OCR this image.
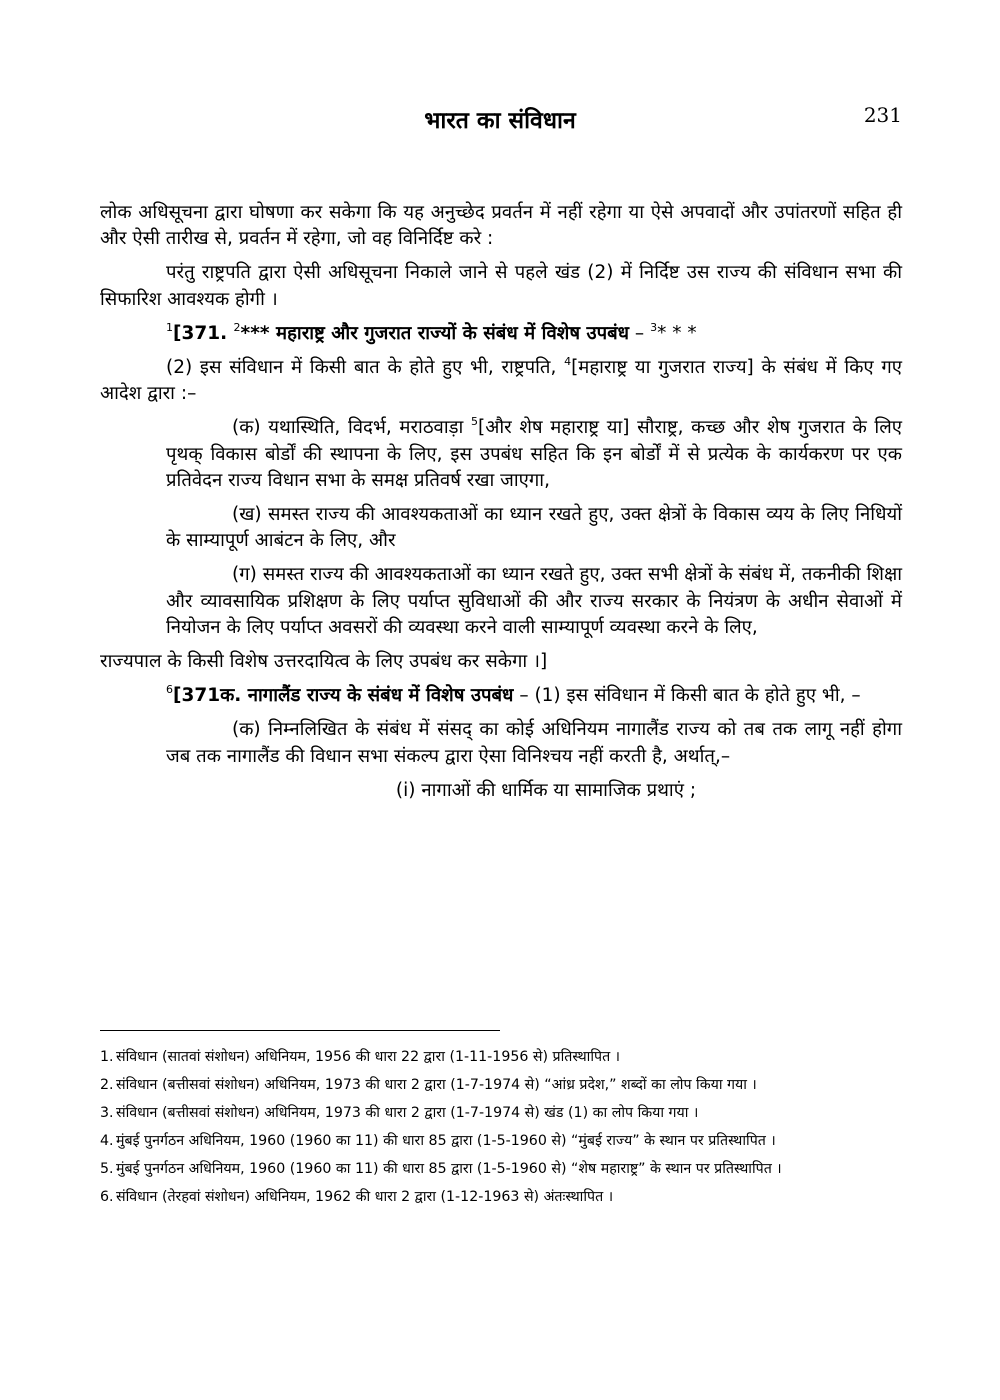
भारत का संविधान	231

लोक अधिसूचना द्वारा घोषणा कर सकेगा कि यह अनुच्छेद प्रवर्तन में नहीं रहेगा या ऐसे अपवादों और उपांतरणों सहित ही और ऐसी तारीख से, प्रवर्तन में रहेगा, जो वह विनिर्दिष्ट करे :

परंतु राष्ट्रपति द्वारा ऐसी अधिसूचना निकाले जाने से पहले खंड (2) में निर्दिष्ट उस राज्य की संविधान सभा की सिफारिश आवश्यक होगी ।

$^1$[371. $^2$*** महाराष्ट्र और गुजरात राज्यों के संबंध में विशेष उपबंध – $^3$* * *

(2) इस संविधान में किसी बात के होते हुए भी, राष्ट्रपति, $^4$[महाराष्ट्र या गुजरात राज्य] के संबंध में किए गए आदेश द्वारा :–

(क) यथास्थिति, विदर्भ, मराठवाड़ा $^5$[और शेष महाराष्ट्र या] सौराष्ट्र, कच्छ और शेष गुजरात के लिए पृथक् विकास बोर्डों की स्थापना के लिए, इस उपबंध सहित कि इन बोर्डों में से प्रत्येक के कार्यकरण पर एक प्रतिवेदन राज्य विधान सभा के समक्ष प्रतिवर्ष रखा जाएगा,

(ख) समस्त राज्य की आवश्यकताओं का ध्यान रखते हुए, उक्त क्षेत्रों के विकास व्यय के लिए निधियों के साम्यापूर्ण आबंटन के लिए, और

(ग) समस्त राज्य की आवश्यकताओं का ध्यान रखते हुए, उक्त सभी क्षेत्रों के संबंध में, तकनीकी शिक्षा और व्यावसायिक प्रशिक्षण के लिए पर्याप्त सुविधाओं की और राज्य सरकार के नियंत्रण के अधीन सेवाओं में नियोजन के लिए पर्याप्त अवसरों की व्यवस्था करने वाली साम्यापूर्ण व्यवस्था करने के लिए,

राज्यपाल के किसी विशेष उत्तरदायित्व के लिए उपबंध कर सकेगा ।]

$^6$[371क. नागालैंड राज्य के संबंध में विशेष उपबंध – (1) इस संविधान में किसी बात के होते हुए भी, –

(क) निम्नलिखित के संबंध में संसद् का कोई अधिनियम नागालैंड राज्य को तब तक लागू नहीं होगा जब तक नागालैंड की विधान सभा संकल्प द्वारा ऐसा विनिश्चय नहीं करती है, अर्थात्‌,–

(i) नागाओं की धार्मिक या सामाजिक प्रथाएं ;

1. संविधान (सातवां संशोधन) अधिनियम, 1956 की धारा 22 द्वारा (1-11-1956 से) प्रतिस्थापित ।
2. संविधान (बत्तीसवां संशोधन) अधिनियम, 1973 की धारा 2 द्वारा (1-7-1974 से) “आंध्र प्रदेश,” शब्दों का लोप किया गया ।
3. संविधान (बत्तीसवां संशोधन) अधिनियम, 1973 की धारा 2 द्वारा (1-7-1974 से) खंड (1) का लोप किया गया ।
4. मुंबई पुनर्गठन अधिनियम, 1960 (1960 का 11) की धारा 85 द्वारा (1-5-1960 से) “मुंबई राज्य” के स्थान पर प्रतिस्थापित ।
5. मुंबई पुनर्गठन अधिनियम, 1960 (1960 का 11) की धारा 85 द्वारा (1-5-1960 से) “शेष महाराष्ट्र” के स्थान पर प्रतिस्थापित ।
6. संविधान (तेरहवां संशोधन) अधिनियम, 1962 की धारा 2 द्वारा (1-12-1963 से) अंतःस्थापित ।
